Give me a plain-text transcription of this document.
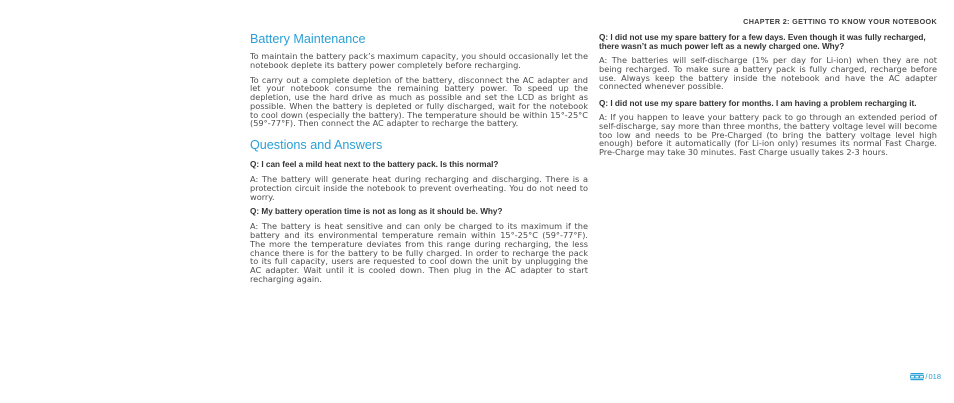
CHAPTER 2: GETTING TO KNOW YOUR NOTEBOOK
Battery Maintenance

To maintain the battery pack’s maximum capacity, you should occasionally let the notebook deplete its battery power completely before recharging.

To carry out a complete depletion of the battery, disconnect the AC adapter and let your notebook consume the remaining battery power. To speed up the depletion, use the hard drive as much as possible and set the LCD as bright as possible. When the battery is depleted or fully discharged, wait for the notebook to cool down (especially the battery). The temperature should be within 15°-25°C (59°-77°F). Then connect the AC adapter to recharge the battery.

Questions and Answers

Q: I can feel a mild heat next to the battery pack. Is this normal?

A: The battery will generate heat during recharging and discharging. There is a protection circuit inside the notebook to prevent overheating. You do not need to worry.

Q: My battery operation time is not as long as it should be. Why?

A: The battery is heat sensitive and can only be charged to its maximum if the battery and its environmental temperature remain within 15°-25°C (59°-77°F). The more the temperature deviates from this range during recharging, the less chance there is for the battery to be fully charged. In order to recharge the pack to its full capacity, users are requested to cool down the unit by unplugging the AC adapter. Wait until it is cooled down. Then plug in the AC adapter to start recharging again.

Q: I did not use my spare battery for a few days. Even though it was fully recharged, there wasn’t as much power left as a newly charged one. Why?

A: The batteries will self-discharge (1% per day for Li-ion) when they are not being recharged. To make sure a battery pack is fully charged, recharge before use. Always keep the battery inside the notebook and have the AC adapter connected whenever possible.

Q: I did not use my spare battery for months. I am having a problem recharging it.

A: If you happen to leave your battery pack to go through an extended period of self-discharge, say more than three months, the battery voltage level will become too low and needs to be Pre-Charged (to bring the battery voltage level high enough) before it automatically (for Li-ion only) resumes its normal Fast Charge. Pre-Charge may take 30 minutes. Fast Charge usually takes 2-3 hours.

/ 018
